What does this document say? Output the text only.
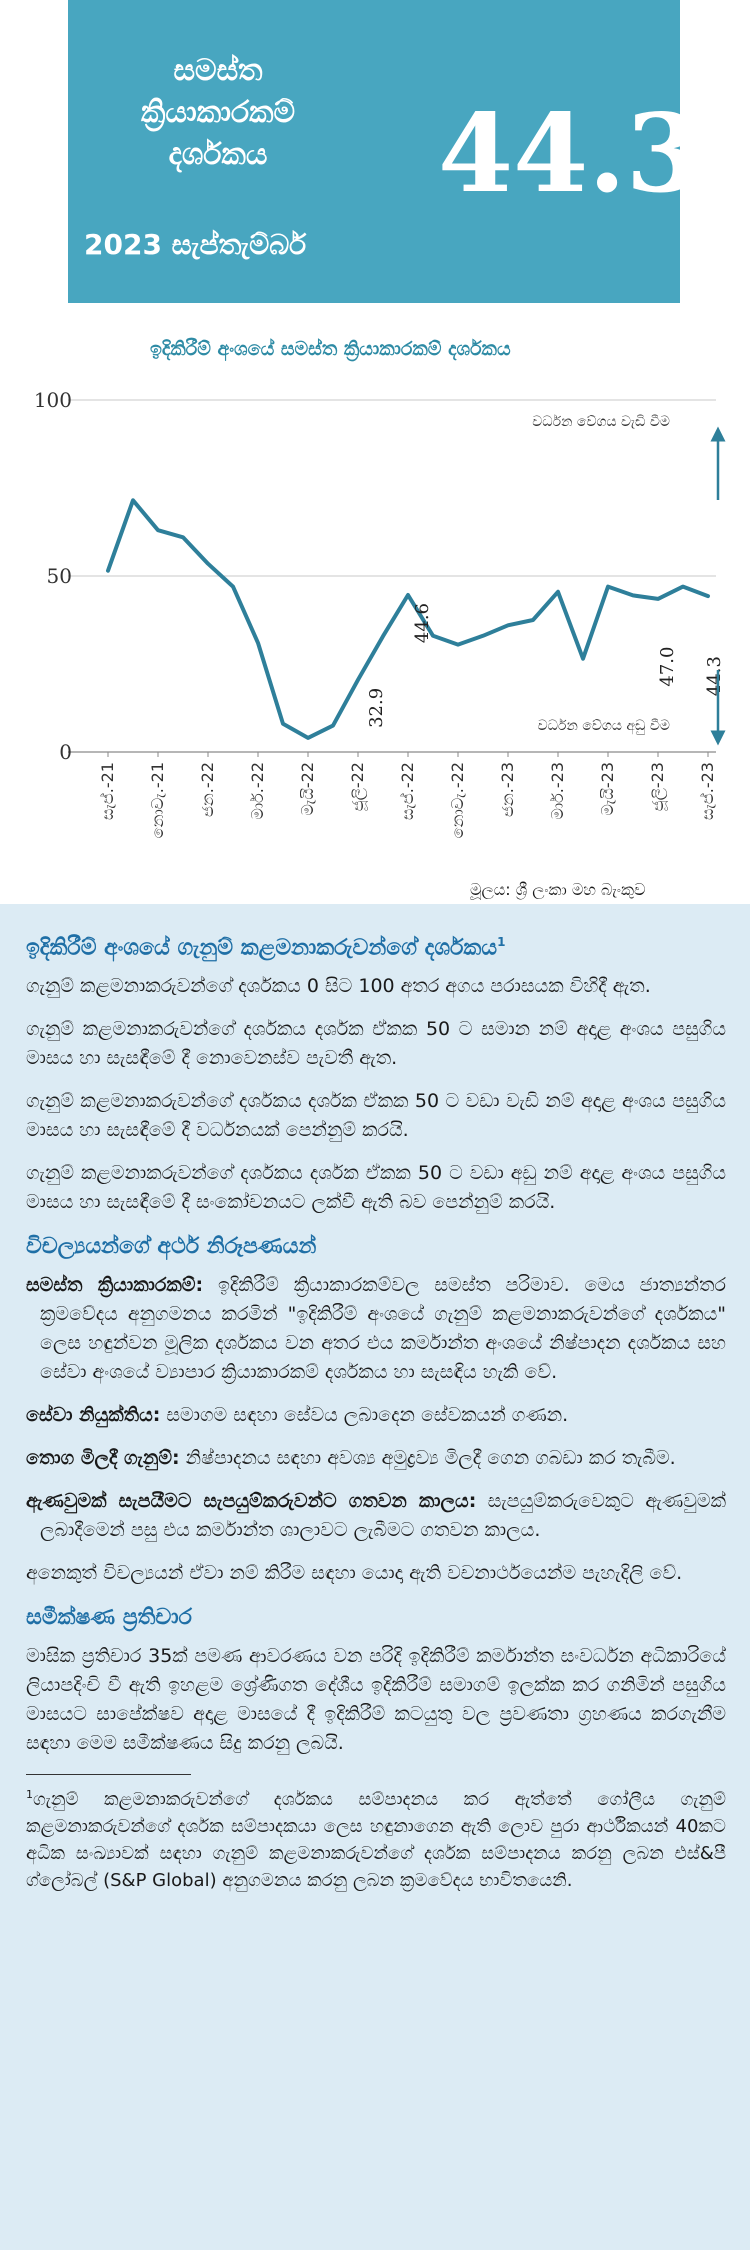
සමස්ත
ක්‍රියාකාරකම්
දර්ශකය
2023 සැප්තැම්බර්
44.3
ඉදිකිරීම් අංශයේ සමස්ත ක්‍රියාකාරකම් දර්ශකය
0
50
100
සැප්.-21 නොවැ.-21 ජන.-22 මාර්.-22 මැයි-22 ජූලි-22 සැප්.-22 නොවැ.-22 ජන.-23 මාර්.-23 මැයි-23 ජූලි-23 සැප්.-23
32.9
44.6
47.0 44.3
වර්ධන වේගය වැඩි වීම
වර්ධන වේගය අඩු වීම
මූලය: ශ්‍රී ලංකා මහ බැංකුව
ඉදිකිරීම් අංශයේ ගැනුම් කළමනාකරුවන්ගේ දර්ශකය$^1$

ගැනුම් කළමනාකරුවන්ගේ දර්ශකය 0 සිට 100 අතර අගය පරාසයක විහිදී ඇත.

ගැනුම් කළමනාකරුවන්ගේ දර්ශකය දර්ශක ඒකක 50 ට සමාන නම් අදාළ අංශය පසුගිය මාසය හා සැසඳීමේ දී නොවෙනස්ව පැවතී ඇත.

ගැනුම් කළමනාකරුවන්ගේ දර්ශකය දර්ශක ඒකක 50 ට වඩා වැඩි නම් අදාළ අංශය පසුගිය මාසය හා සැසඳීමේ දී වර්ධනයක් පෙන්නුම් කරයි.

ගැනුම් කළමනාකරුවන්ගේ දර්ශකය දර්ශක ඒකක 50 ට වඩා අඩු නම් අදාළ අංශය පසුගිය මාසය හා සැසඳීමේ දී සංකෝචනයට ලක්වී ඇති බව පෙන්නුම් කරයි.

විචල්‍යයන්ගේ අර්ථ නිරූපණයන්

සමස්ත ක්‍රියාකාරකම්: ඉදිකිරීම් ක්‍රියාකාරකම්වල සමස්ත පරිමාව. මෙය ජාත්‍යන්තර ක්‍රමවේදය අනුගමනය කරමින් "ඉදිකිරීම් අංශයේ ගැනුම් කළමනාකරුවන්ගේ දර්ශකය" ලෙස හඳුන්වන මූලික දර්ශකය වන අතර එය කර්මාන්ත අංශයේ නිෂ්පාදන දර්ශකය සහ සේවා අංශයේ ව්‍යාපාර ක්‍රියාකාරකම් දර්ශකය හා සැසඳිය හැකි වේ.

සේවා නියුක්තිය: සමාගම සඳහා සේවය ලබාදෙන සේවකයන් ගණන.

තොග මිලදී ගැනුම්: නිෂ්පාදනය සඳහා අවශ්‍ය අමුද්‍රව්‍ය මිලදී ගෙන ගබඩා කර තැබීම.

ඇණවුමක් සැපයීමට සැපයුම්කරුවන්ට ගතවන කාලය: සැපයුම්කරුවෙකුට ඇණවුමක් ලබාදීමෙන් පසු එය කර්මාන්ත ශාලාවට ලැබීමට ගතවන කාලය.

අනෙකුත් විචල්‍යයන් ඒවා නම් කිරීම සඳහා යොදා ඇති වචනාර්ථයෙන්ම පැහැදිලි වේ.

සමීක්ෂණ ප්‍රතිචාර

මාසික ප්‍රතිචාර 35ක් පමණ ආවරණය වන පරිදි ඉදිකිරීම් කර්මාන්ත සංවර්ධන අධිකාරියේ ලියාපදිංචි වී ඇති ඉහළම ශ්‍රේණිගත දේශීය ඉදිකිරීම් සමාගම් ඉලක්ක කර ගනිමින් පසුගිය මාසයට සාපේක්ෂව අදාළ මාසයේ දී ඉදිකිරීම් කටයුතු වල ප්‍රවණතා ග්‍රහණය කරගැනීම සඳහා මෙම සමීක්ෂණය සිදු කරනු ලබයි.

$^1$ගැනුම් කළමනාකරුවන්ගේ දර්ශකය සම්පාදනය කර ඇත්තේ ගෝලීය ගැනුම් කළමනාකරුවන්ගේ දර්ශක සම්පාදකයා ලෙස හඳුනාගෙන ඇති ලොව පුරා ආර්ථිකයන් 40කට අධික සංඛ්‍යාවක් සඳහා ගැනුම් කළමනාකරුවන්ගේ දර්ශක සම්පාදනය කරනු ලබන එස්&පී ග්ලෝබල් (S&P Global) අනුගමනය කරනු ලබන ක්‍රමවේදය භාවිතයෙනි.
